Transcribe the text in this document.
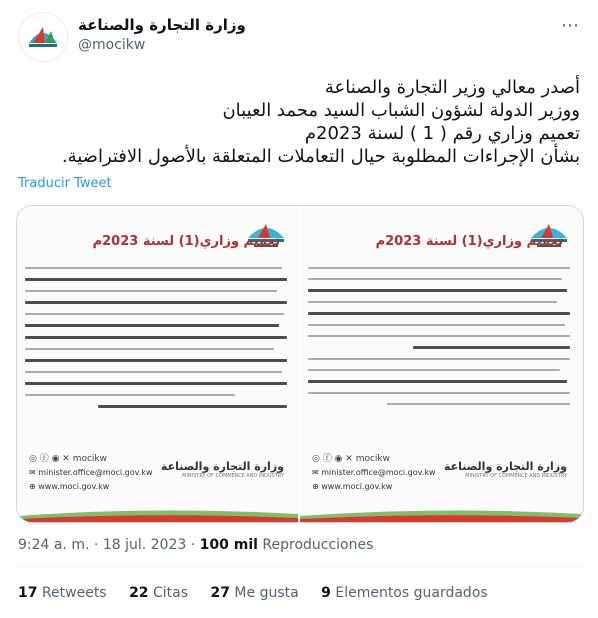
وزارة التجارة والصناعة
@mocikw
⋯
أصدر معالي وزير التجارة والصناعة
ووزير الدولة لشؤون الشباب السيد محمد العيبان
تعميم وزاري رقم ( 1 ) لسنة 2023م
بشأن الإجراءات المطلوبة حيال التعاملات المتعلقة بالأصول الافتراضية.
Traducir Tweet
تعميم وزاري(1) لسنة 2023م
◎ ⓕ ◉ ✕ mocikw
✉ minister.office@moci.gov.kw
⊕ www.moci.gov.kw
وزارة التجارة والصناعة
MINISTRY OF COMMERCE AND INDUSTRY
تعميم وزاري(1) لسنة 2023م
◎ ⓕ ◉ ✕ mocikw
✉ minister.office@moci.gov.kw
⊕ www.moci.gov.kw
وزارة التجارة والصناعة
MINISTRY OF COMMERCE AND INDUSTRY
9:24 a. m. · 18 jul. 2023 · 100 mil Reproducciones
17 Retweets 22 Citas 27 Me gusta 9 Elementos guardados
